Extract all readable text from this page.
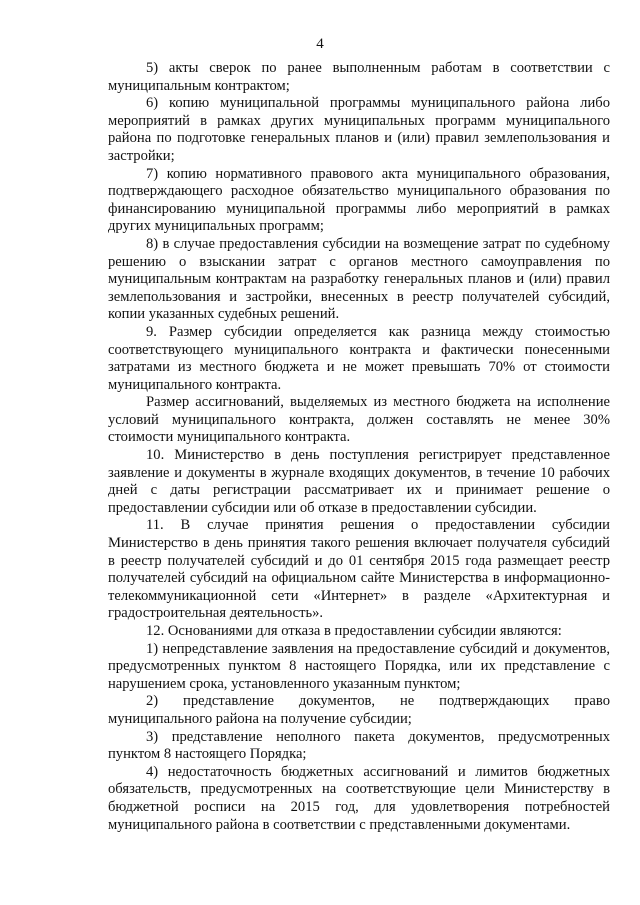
4

5) акты сверок по ранее выполненным работам в соответствии с муниципальным контрактом;

6) копию муниципальной программы муниципального района либо мероприятий в рамках других муниципальных программ муниципального района по подготовке генеральных планов и (или) правил землепользования и застройки;

7) копию нормативного правового акта муниципального образования, подтверждающего расходное обязательство муниципального образования по финансированию муниципальной программы либо мероприятий в рамках других муниципальных программ;

8) в случае предоставления субсидии на возмещение затрат по судебному решению о взыскании затрат с органов местного самоуправления по муниципальным контрактам на разработку генеральных планов и (или) правил землепользования и застройки, внесенных в реестр получателей субсидий, копии указанных судебных решений.

9. Размер субсидии определяется как разница между стоимостью соответствующего муниципального контракта и фактически понесенными затратами из местного бюджета и не может превышать 70% от стоимости муниципального контракта.

Размер ассигнований, выделяемых из местного бюджета на исполнение условий муниципального контракта, должен составлять не менее 30% стоимости муниципального контракта.

10. Министерство в день поступления регистрирует представленное заявление и документы в журнале входящих документов, в течение 10 рабочих дней с даты регистрации рассматривает их и принимает решение о предоставлении субсидии или об отказе в предоставлении субсидии.

11. В случае принятия решения о предоставлении субсидии Министерство в день принятия такого решения включает получателя субсидий в реестр получателей субсидий и до 01 сентября 2015 года размещает реестр получателей субсидий на официальном сайте Министерства в информационно-телекоммуникационной сети «Интернет» в разделе «Архитектурная и градостроительная деятельность».

12. Основаниями для отказа в предоставлении субсидии являются:

1) непредставление заявления на предоставление субсидий и документов, предусмотренных пунктом 8 настоящего Порядка, или их представление с нарушением срока, установленного указанным пунктом;

2) представление документов, не подтверждающих право муниципального района на получение субсидии;

3) представление неполного пакета документов, предусмотренных пунктом 8 настоящего Порядка;

4) недостаточность бюджетных ассигнований и лимитов бюджетных обязательств, предусмотренных на соответствующие цели Министерству в бюджетной росписи на 2015 год, для удовлетворения потребностей муниципального района в соответствии с представленными документами.
